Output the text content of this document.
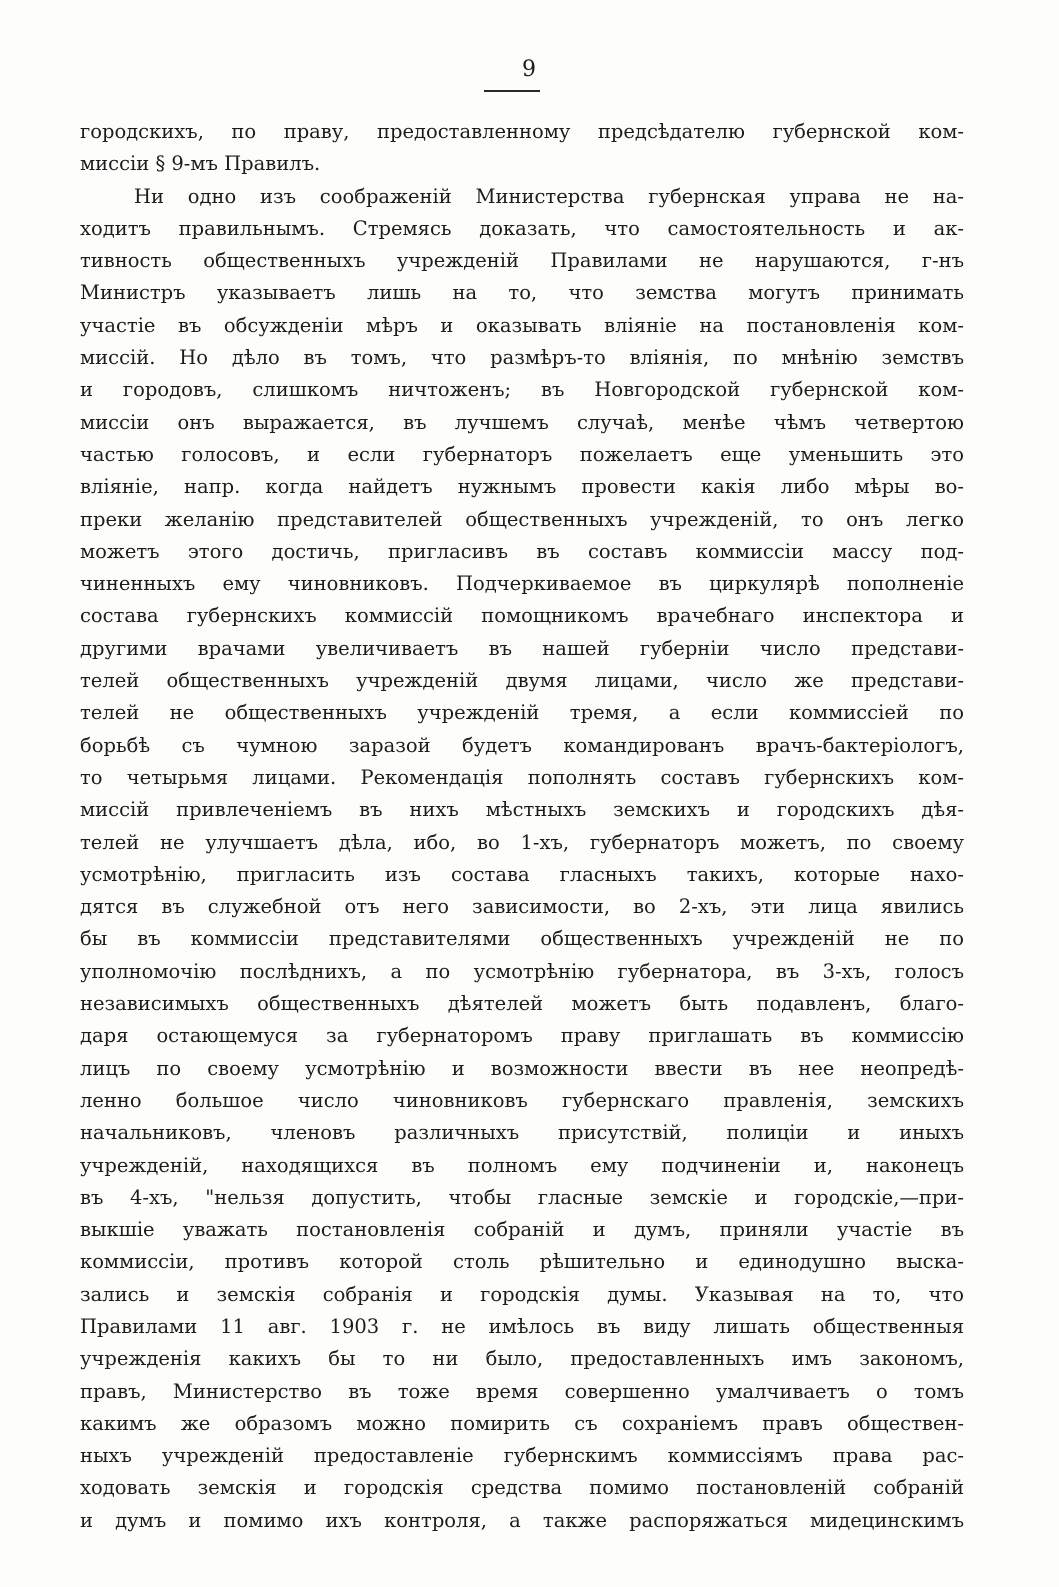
9
городскихъ, по праву, предоставленному предсѣдателю губернской ком-
миссiи § 9-мъ Правилъ.
Ни одно изъ соображенiй Министерства губернская управа не на-
ходитъ правильнымъ. Стремясь доказать, что самостоятельность и ак-
тивность общественныхъ учрежденiй Правилами не нарушаются, г-нъ
Министръ указываетъ лишь на то, что земства могутъ принимать
участiе въ обсужденiи мѣръ и оказывать влiянiе на постановленiя ком-
миссiй. Но дѣло въ томъ, что размѣръ-то влiянiя, по мнѣнiю земствъ
и городовъ, слишкомъ ничтоженъ; въ Новгородской губернской ком-
миссiи онъ выражается, въ лучшемъ случаѣ, менѣе чѣмъ четвертою
частью голосовъ, и если губернаторъ пожелаетъ еще уменьшить это
влiянiе, напр. когда найдетъ нужнымъ провести какiя либо мѣры во-
преки желанiю представителей общественныхъ учрежденiй, то онъ легко
можетъ этого достичь, пригласивъ въ составъ коммиссiи массу под-
чиненныхъ ему чиновниковъ. Подчеркиваемое въ циркулярѣ пополненiе
состава губернскихъ коммиссiй помощникомъ врачебнаго инспектора и
другими врачами увеличиваетъ въ нашей губернiи число представи-
телей общественныхъ учрежденiй двумя лицами, число же представи-
телей не общественныхъ учрежденiй тремя, а если коммиссiей по
борьбѣ съ чумною заразой будетъ командированъ врачъ-бактерiологъ,
то четырьмя лицами. Рекомендацiя пополнять составъ губернскихъ ком-
миссiй привлеченiемъ въ нихъ мѣстныхъ земскихъ и городскихъ дѣя-
телей не улучшаетъ дѣла, ибо, во 1-хъ, губернаторъ можетъ, по своему
усмотрѣнiю, пригласить изъ состава гласныхъ такихъ, которые нахо-
дятся въ служебной отъ него зависимости, во 2-хъ, эти лица явились
бы въ коммиссiи представителями общественныхъ учрежденiй не по
уполномочiю послѣднихъ, а по усмотрѣнiю губернатора, въ 3-хъ, голосъ
независимыхъ общественныхъ дѣятелей можетъ быть подавленъ, благо-
даря остающемуся за губернаторомъ праву приглашать въ коммиссiю
лицъ по своему усмотрѣнiю и возможности ввести въ нее неопредѣ-
ленно большое число чиновниковъ губернскаго правленiя, земскихъ
начальниковъ, членовъ различныхъ присутствiй, полицiи и иныхъ
учрежденiй, находящихся въ полномъ ему подчиненiи и, наконецъ
въ 4-хъ, "нельзя допустить, чтобы гласные земскiе и городскiе,—при-
выкшiе уважать постановленiя собранiй и думъ, приняли участiе въ
коммиссiи, противъ которой столь рѣшительно и единодушно выска-
зались и земскiя собранiя и городскiя думы. Указывая на то, что
Правилами 11 авг. 1903 г. не имѣлось въ виду лишать общественныя
учрежденiя какихъ бы то ни было, предоставленныхъ имъ закономъ,
правъ, Министерство въ тоже время совершенно умалчиваетъ о томъ
какимъ же образомъ можно помирить съ сохранiемъ правъ обществен-
ныхъ учрежденiй предоставленiе губернскимъ коммиссiямъ права рас-
ходовать земскiя и городскiя средства помимо постановленiй собранiй
и думъ и помимо ихъ контроля, а также распоряжаться мидецинскимъ
